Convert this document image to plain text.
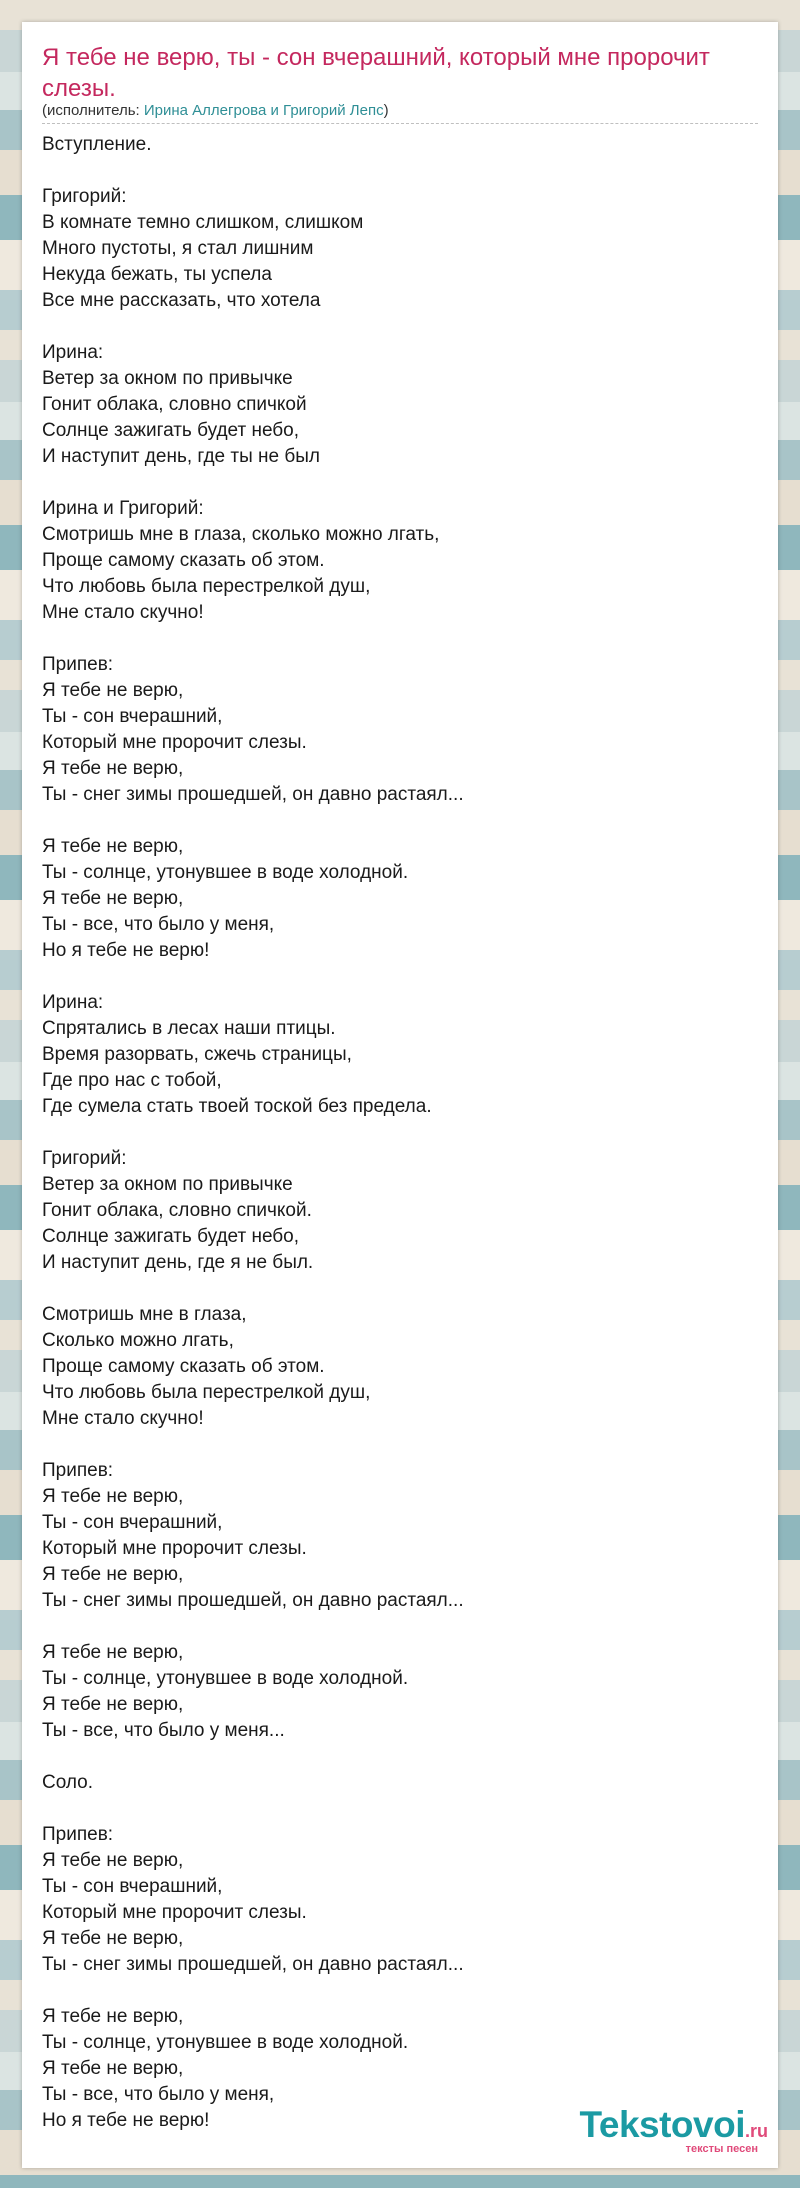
Я тебе не верю, ты - сон вчерашний, который мне пророчит слезы.
(исполнитель: Ирина Аллегрова и Григорий Лепс)
Вступление.
Григорий:
В комнате темно слишком, слишком
Много пустоты, я стал лишним
Некуда бежать, ты успела
Все мне рассказать, что хотела
Ирина:
Ветер за окном по привычке
Гонит облака, словно спичкой
Солнце зажигать будет небо,
И наступит день, где ты не был
Ирина и Григорий:
Смотришь мне в глаза, сколько можно лгать,
Проще самому сказать об этом.
Что любовь была перестрелкой душ,
Мне стало скучно!
Припев:
Я тебе не верю,
Ты - сон вчерашний,
Который мне пророчит слезы.
Я тебе не верю,
Ты - снег зимы прошедшей, он давно растаял...
Я тебе не верю,
Ты - солнце, утонувшее в воде холодной.
Я тебе не верю,
Ты - все, что было у меня,
Но я тебе не верю!
Ирина:
Спрятались в лесах наши птицы.
Время разорвать, сжечь страницы,
Где про нас с тобой,
Где сумела стать твоей тоской без предела.
Григорий:
Ветер за окном по привычке
Гонит облака, словно спичкой.
Солнце зажигать будет небо,
И наступит день, где я не был.
Смотришь мне в глаза,
Сколько можно лгать,
Проще самому сказать об этом.
Что любовь была перестрелкой душ,
Мне стало скучно!
Припев:
Я тебе не верю,
Ты - сон вчерашний,
Который мне пророчит слезы.
Я тебе не верю,
Ты - снег зимы прошедшей, он давно растаял...
Я тебе не верю,
Ты - солнце, утонувшее в воде холодной.
Я тебе не верю,
Ты - все, что было у меня...
Соло.
Припев:
Я тебе не верю,
Ты - сон вчерашний,
Который мне пророчит слезы.
Я тебе не верю,
Ты - снег зимы прошедшей, он давно растаял...
Я тебе не верю,
Ты - солнце, утонувшее в воде холодной.
Я тебе не верю,
Ты - все, что было у меня,
Но я тебе не верю!	Tekstovoi.ru
тексты песен
